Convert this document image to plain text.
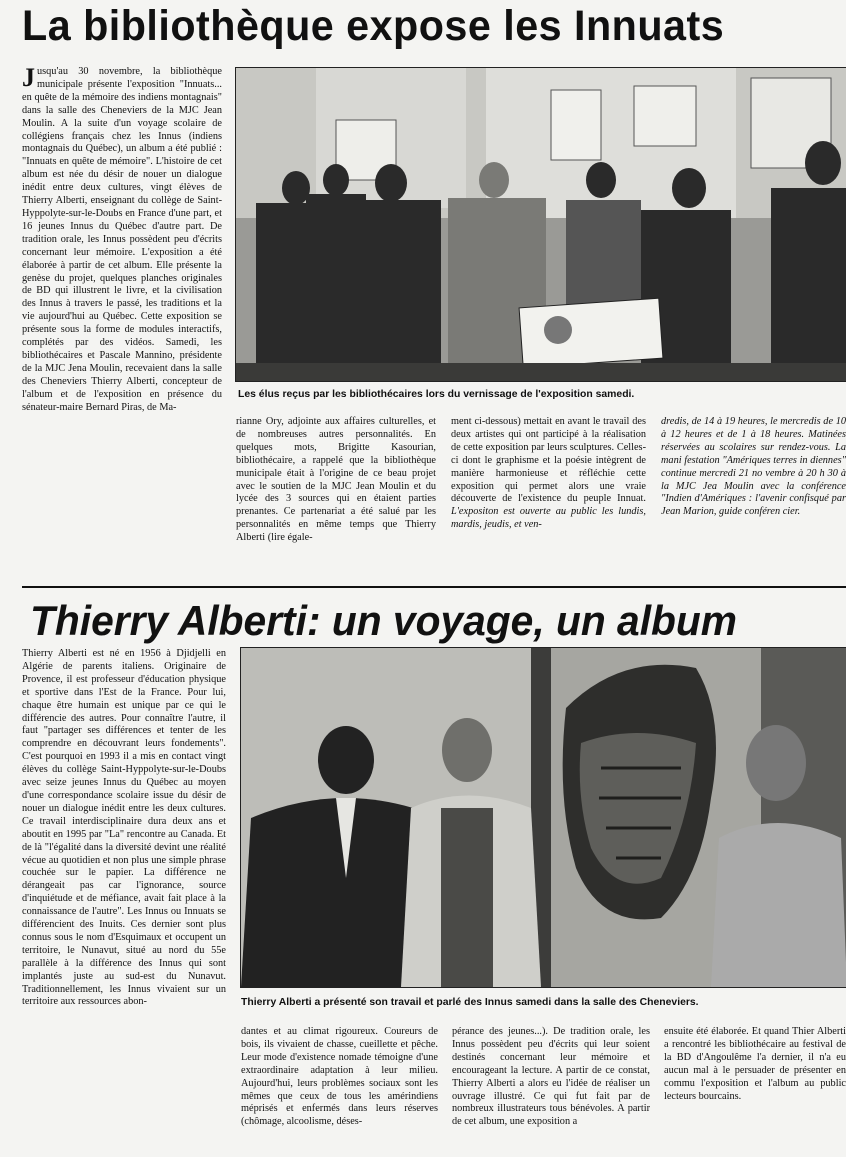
La bibliothèque expose les Innuats
Jusqu'au 30 novembre, la bibliothèque municipale présente l'exposition "Innuats... en quête de la mémoire des indiens montagnais" dans la salle des Cheneviers de la MJC Jean Moulin. A la suite d'un voyage scolaire de collégiens français chez les Innus (indiens montagnais du Québec), un album a été publié : "Innuats en quête de mémoire". L'histoire de cet album est née du désir de nouer un dialogue inédit entre deux cultures, vingt élèves de Thierry Alberti, enseignant du collège de Saint-Hyppolyte-sur-le-Doubs en France d'une part, et 16 jeunes Innus du Québec d'autre part. De tradition orale, les Innus possèdent peu d'écrits concernant leur mémoire. L'exposition a été élaborée à partir de cet album. Elle présente la genèse du projet, quelques planches originales de BD qui illustrent le livre, et la civilisation des Innus à travers le passé, les traditions et la vie aujourd'hui au Québec. Cette exposition se présente sous la forme de modules interactifs, complétés par des vidéos. Samedi, les bibliothécaires et Pascale Mannino, présidente de la MJC Jena Moulin, recevaient dans la salle des Cheneviers Thierry Alberti, concepteur de l'album et de l'exposition en présence du sénateur-maire Bernard Piras, de Ma-
Les élus reçus par les bibliothécaires lors du vernissage de l'exposition samedi.
rianne Ory, adjointe aux affaires culturelles, et de nombreuses autres personnalités. En quelques mots, Brigitte Kasourian, bibliothécaire, a rappelé que la bibliothèque municipale était à l'origine de ce beau projet avec le soutien de la MJC Jean Moulin et du lycée des 3 sources qui en étaient parties prenantes. Ce partenariat a été salué par les personnalités en même temps que Thierry Alberti (lire égale-
ment ci-dessous) mettait en avant le travail des deux artistes qui ont participé à la réalisation de cette exposition par leurs sculptures. Celles-ci dont le graphisme et la poésie intègrent de manière harmonieuse et réfléchie cette exposition qui permet alors une vraie découverte de l'existence du peuple Innuat. L'expositon est ouverte au public les lundis, mardis, jeudis, et ven-
dredis, de 14 à 19 heures, le mercredis de 10 à 12 heures et de 1 à 18 heures. Matinées réservées au scolaires sur rendez-vous. La mani festation "Amériques terres in diennes" continue mercredi 21 no vembre à 20 h 30 à la MJC Jea Moulin avec la conférence "Indien d'Amériques : l'avenir confisqué par Jean Marion, guide conféren cier.
Thierry Alberti: un voyage, un album
Thierry Alberti est né en 1956 à Djidjelli en Algérie de parents italiens. Originaire de Provence, il est professeur d'éducation physique et sportive dans l'Est de la France. Pour lui, chaque être humain est unique par ce qui le différencie des autres. Pour connaître l'autre, il faut "partager ses différences et tenter de les comprendre en découvrant leurs fondements". C'est pourquoi en 1993 il a mis en contact vingt élèves du collège Saint-Hyppolyte-sur-le-Doubs avec seize jeunes Innus du Québec au moyen d'une correspondance scolaire issue du désir de nouer un dialogue inédit entre les deux cultures. Ce travail interdisciplinaire dura deux ans et aboutit en 1995 par "La" rencontre au Canada. Et de là "l'égalité dans la diversité devint une réalité vécue au quotidien et non plus une simple phrase couchée sur le papier. La différence ne dérangeait pas car l'ignorance, source d'inquiétude et de méfiance, avait fait place à la connaissance de l'autre". Les Innus ou Innuats se différencient des Inuits. Ces dernier sont plus connus sous le nom d'Esquimaux et occupent un territoire, le Nunavut, situé au nord du 55e parallèle à la différence des Innus qui sont implantés juste au sud-est du Nunavut. Traditionnellement, les Innus vivaient sur un territoire aux ressources abon-	Thierry Alberti a présenté son travail et parlé des Innus samedi dans la salle des Cheneviers.
dantes et au climat rigoureux. Coureurs de bois, ils vivaient de chasse, cueillette et pêche. Leur mode d'existence nomade témoigne d'une extraordinaire adaptation à leur milieu. Aujourd'hui, leurs problèmes sociaux sont les mêmes que ceux de tous les amérindiens méprisés et enfermés dans leurs réserves (chômage, alcoolisme, déses-
pérance des jeunes...). De tradition orale, les Innus possèdent peu d'écrits qui leur soient destinés concernant leur mémoire et encourageant la lecture. A partir de ce constat, Thierry Alberti a alors eu l'idée de réaliser un ouvrage illustré. Ce qui fut fait par de nombreux illustrateurs tous bénévoles. A partir de cet album, une exposition a
ensuite été élaborée. Et quand Thier Alberti a rencontré les bibliothécaire au festival de la BD d'Angoulême l'a dernier, il n'a eu aucun mal à le persuader de présenter en commu l'exposition et l'album au public lecteurs bourcains.
